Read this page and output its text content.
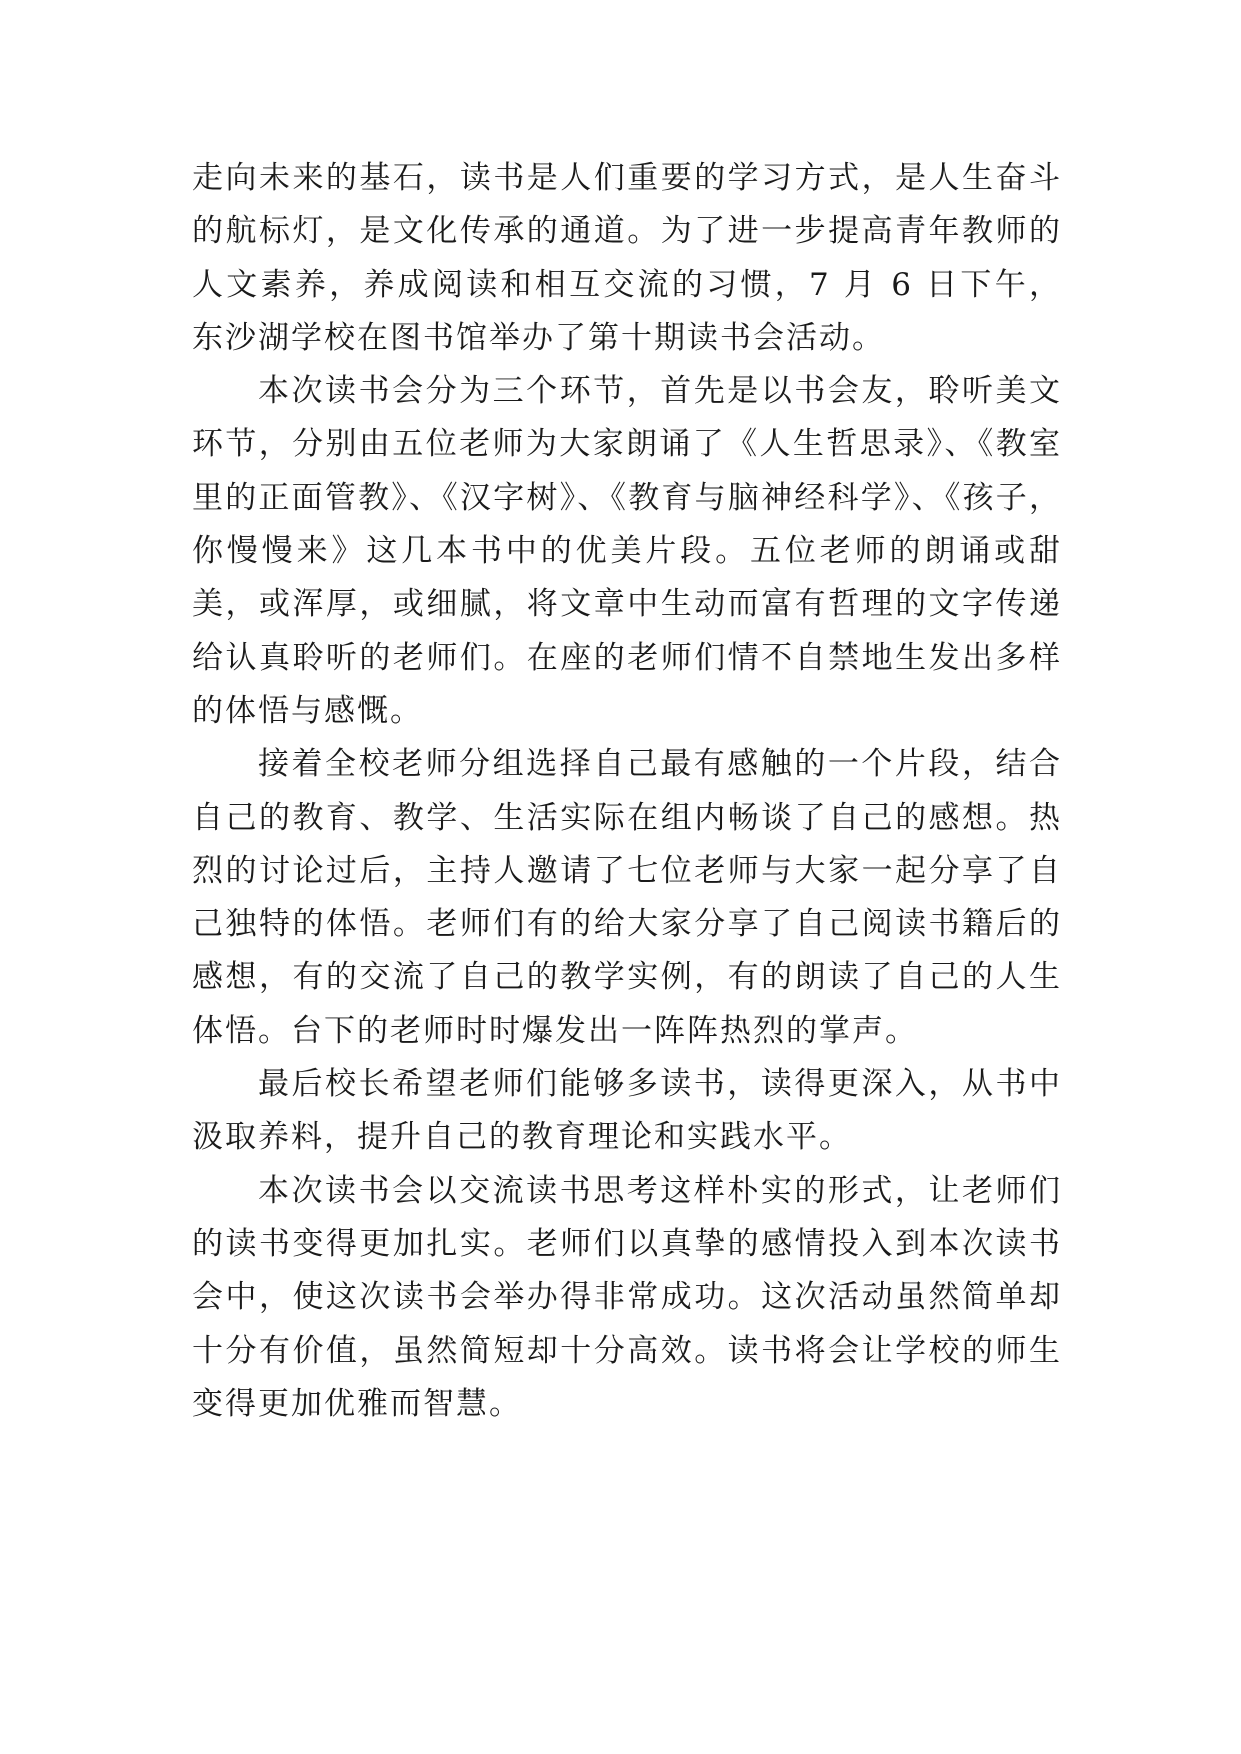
走向未来的基石，读书是人们重要的学习方式，是人生奋斗的航标灯，是文化传承的通道。为了进一步提高青年教师的人文素养，养成阅读和相互交流的习惯，7 月 6 日下午，东沙湖学校在图书馆举办了第十期读书会活动。

本次读书会分为三个环节，首先是以书会友，聆听美文环节，分别由五位老师为大家朗诵了《人生哲思录》、《教室里的正面管教》、《汉字树》、《教育与脑神经科学》、《孩子，你慢慢来》这几本书中的优美片段。五位老师的朗诵或甜美，或浑厚，或细腻，将文章中生动而富有哲理的文字传递给认真聆听的老师们。在座的老师们情不自禁地生发出多样的体悟与感慨。

接着全校老师分组选择自己最有感触的一个片段，结合自己的教育、教学、生活实际在组内畅谈了自己的感想。热烈的讨论过后，主持人邀请了七位老师与大家一起分享了自己独特的体悟。老师们有的给大家分享了自己阅读书籍后的感想，有的交流了自己的教学实例，有的朗读了自己的人生体悟。台下的老师时时爆发出一阵阵热烈的掌声。

最后校长希望老师们能够多读书，读得更深入，从书中汲取养料，提升自己的教育理论和实践水平。

本次读书会以交流读书思考这样朴实的形式，让老师们的读书变得更加扎实。老师们以真挚的感情投入到本次读书会中，使这次读书会举办得非常成功。这次活动虽然简单却十分有价值，虽然简短却十分高效。读书将会让学校的师生变得更加优雅而智慧。
